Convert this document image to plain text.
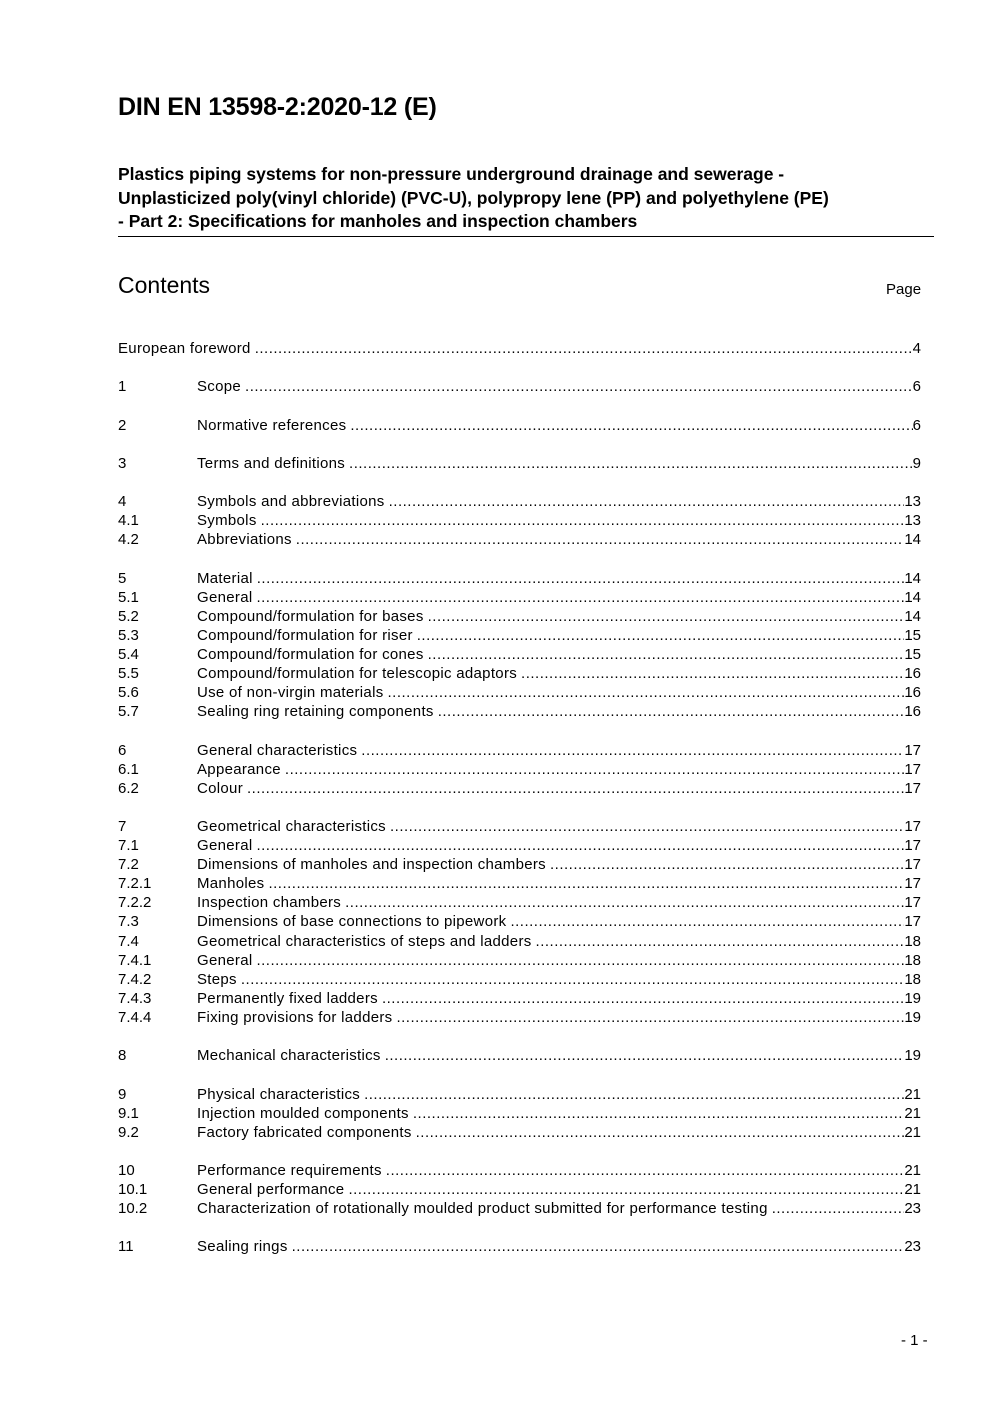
DIN EN 13598-2:2020-12 (E)
Plastics piping systems for non-pressure underground drainage and sewerage -
Unplasticized poly(vinyl chloride) (PVC-U), polypropy lene (PP) and polyethylene (PE)
- Part 2: Specifications for manholes and inspection chambers
Contents	Page
European foreword .....	4
1	Scope .....	6
2	Normative references .....	6
3	Terms and definitions .....	9
4	Symbols and abbreviations .....	13
4.1	Symbols .....	13
4.2	Abbreviations .....	14
5	Material .....	14
5.1	General .....	14
5.2	Compound/formulation for bases .....	14
5.3	Compound/formulation for riser .....	15
5.4	Compound/formulation for cones .....	15
5.5	Compound/formulation for telescopic adaptors .....	16
5.6	Use of non-virgin materials .....	16
5.7	Sealing ring retaining components .....	16
6	General characteristics .....	17
6.1	Appearance .....	17
6.2	Colour .....	17
7	Geometrical characteristics .....	17
7.1	General .....	17
7.2	Dimensions of manholes and inspection chambers .....	17
7.2.1	Manholes .....	17
7.2.2	Inspection chambers .....	17
7.3	Dimensions of base connections to pipework .....	17
7.4	Geometrical characteristics of steps and ladders .....	18
7.4.1	General .....	18
7.4.2	Steps .....	18
7.4.3	Permanently fixed ladders .....	19
7.4.4	Fixing provisions for ladders .....	19
8	Mechanical characteristics .....	19
9	Physical characteristics .....	21
9.1	Injection moulded components .....	21
9.2	Factory fabricated components .....	21
10	Performance requirements .....	21
10.1	General performance .....	21
10.2	Characterization of rotationally moulded product submitted for performance testing .....	23
11	Sealing rings .....	23
- 1 -
